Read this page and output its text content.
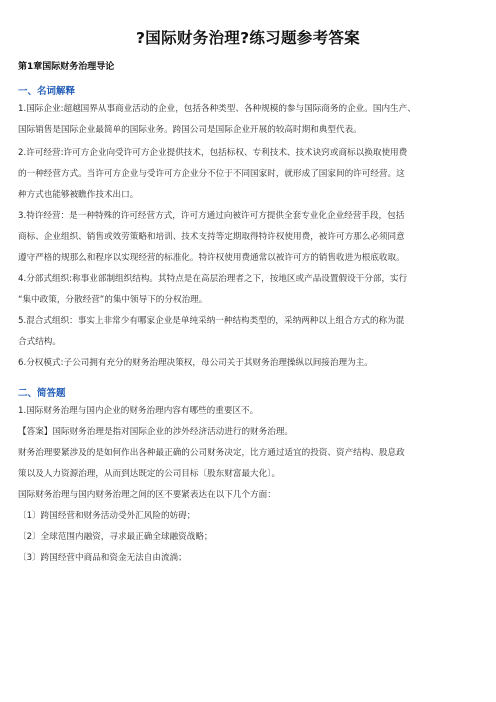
?国际财务治理?练习题参考答案
第1章国际财务治理导论
一、名词解释
1.国际企业:超越国界从事商业活动的企业，包括各种类型、各种规模的参与国际商务的企业。国内生产、
国际销售是国际企业最简单的国际业务。跨国公司是国际企业开展的较高时期和典型代表。
2.许可经营:许可方企业向受许可方企业提供技术，包括标权、专利技术、技术诀窍或商标以换取使用费
的一种经营方式。当许可方企业与受许可方企业分不位于不同国家时，就形成了国家间的许可经营。这
种方式也能够被瞧作技术出口。
3.特许经营：是一种特殊的许可经营方式，许可方通过向被许可方提供全套专业化企业经营手段，包括
商标、企业组织、销售或效劳策略和培训、技术支持等定期取得特许权使用费，被许可方那么必须同意
遵守严格的规那么和程序以实现经营的标准化。特许权使用费通常以被许可方的销售收进为根底收取。
4.分部式组织:称事业部制组织结构。其特点是在高层治理者之下，按地区或产品设置假设干分部，实行
“集中政策，分散经营”的集中领导下的分权治理。
5.混合式组织：事实上非常少有哪家企业是单纯采纳一种结构类型的，采纳两种以上组合方式的称为混
合式结构。
6.分权模式:子公司拥有充分的财务治理决策权，母公司关于其财务治理操纵以间接治理为主。
二、简答题
1.国际财务治理与国内企业的财务治理内容有哪些的重要区不。
【答案】国际财务治理是指对国际企业的涉外经济活动进行的财务治理。
财务治理要紧涉及的是如何作出各种最正确的公司财务决定，比方通过适宜的投资、资产结构、股息政
策以及人力资源治理，从而到达既定的公司目标〔股东财富最大化〕。
国际财务治理与国内财务治理之间的区不要紧表达在以下几个方面：
〔1〕跨国经营和财务活动受外汇风险的妨碍；
〔2〕全球范围内融资，寻求最正确全球融资战略；
〔3〕跨国经营中商品和资金无法自由流淌；
